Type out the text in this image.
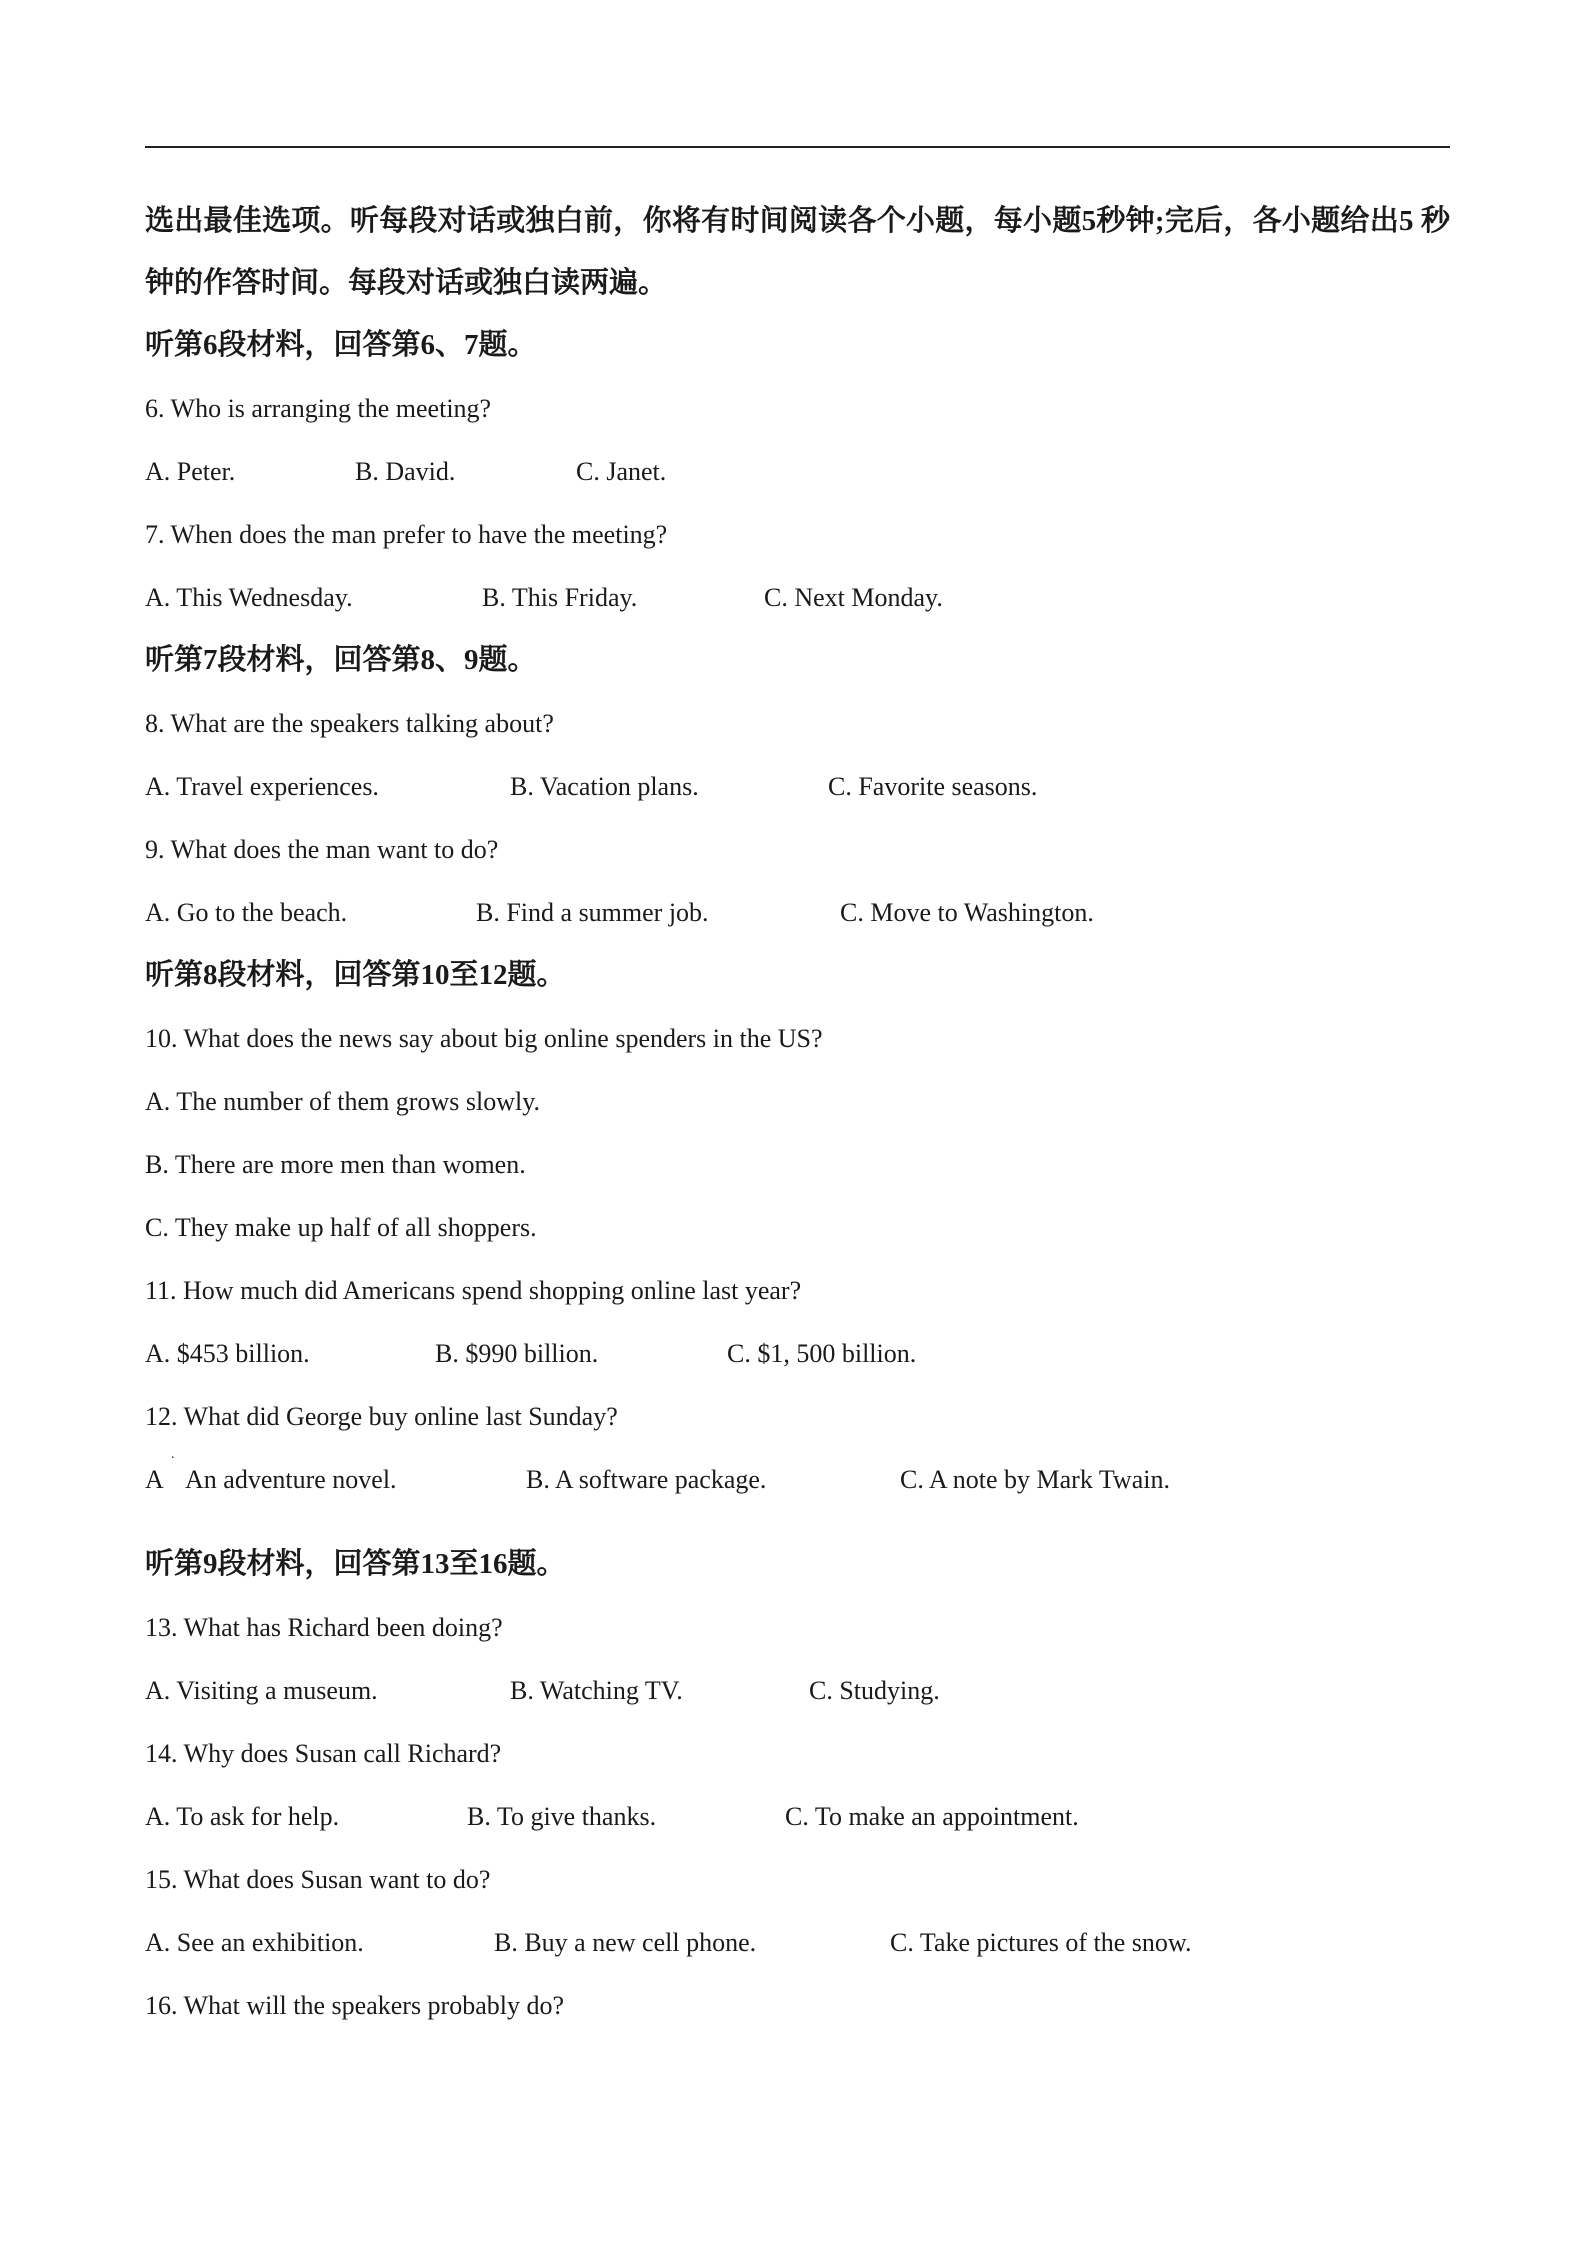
选出最佳选项。听每段对话或独白前，你将有时间阅读各个小题，每小题5秒钟;完后，各小题给出5 秒钟的作答时间。每段对话或独白读两遍。

听第6段材料，回答第6、7题。

6. Who is arranging the meeting?

A. Peter.	B. David.	C. Janet.

7. When does the man prefer to have the meeting?

A. This Wednesday.	B. This Friday.	C. Next Monday.

听第7段材料，回答第8、9题。

8. What are the speakers talking about?

A. Travel experiences.	B. Vacation plans.	C. Favorite seasons.

9. What does the man want to do?

A. Go to the beach.	B. Find a summer job.	C. Move to Washington.

听第8段材料，回答第10至12题。

10. What does the news say about big online spenders in the US?

A. The number of them grows slowly.

B. There are more men than women.

C. They make up half of all shoppers.

11. How much did Americans spend shopping online last year?

A. $453 billion.	B. $990 billion.	C. $1, 500 billion.

12. What did George buy online last Sunday?

A
.
An adventure novel.	B. A software package.	C. A note by Mark Twain.

听第9段材料，回答第13至16题。

13. What has Richard been doing?

A. Visiting a museum.	B. Watching TV.	C. Studying.

14. Why does Susan call Richard?

A. To ask for help.	B. To give thanks.	C. To make an appointment.

15. What does Susan want to do?

A. See an exhibition.	B. Buy a new cell phone.	C. Take pictures of the snow.

16. What will the speakers probably do?
